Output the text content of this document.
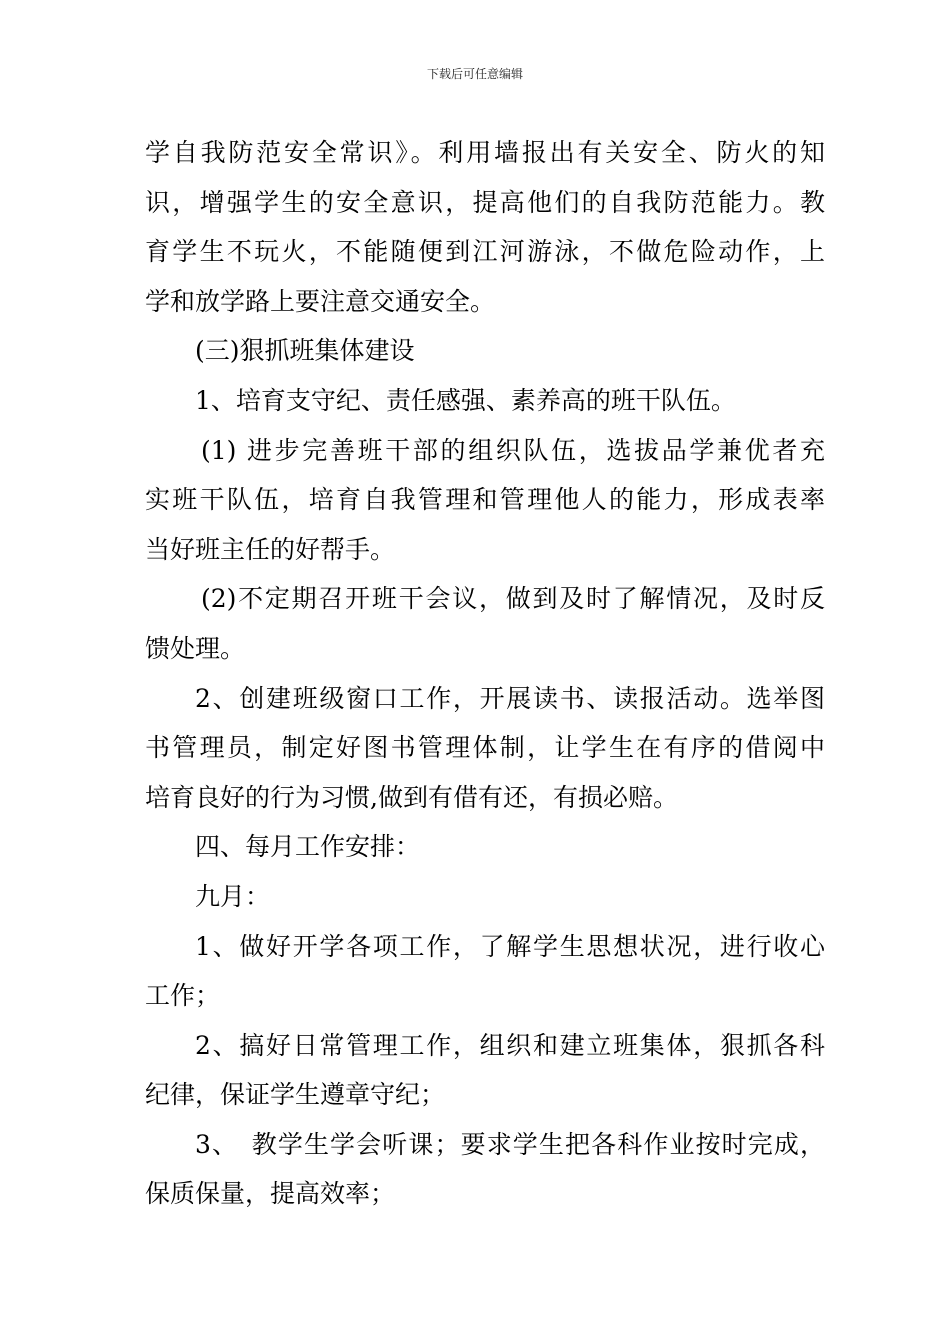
下载后可任意编辑
学自我防范安全常识》。利用墙报出有关安全、防火的知
识，增强学生的安全意识，提高他们的自我防范能力。教
育学生不玩火，不能随便到江河游泳，不做危险动作，上
学和放学路上要注意交通安全。
(三)狠抓班集体建设
1、培育支守纪、责任感强、素养高的班干队伍。
(1) 进步完善班干部的组织队伍，选拔品学兼优者充
实班干队伍，培育自我管理和管理他人的能力，形成表率
当好班主任的好帮手。
(2)不定期召开班干会议，做到及时了解情况，及时反
馈处理。
2、创建班级窗口工作，开展读书、读报活动。选举图
书管理员，制定好图书管理体制，让学生在有序的借阅中
培育良好的行为习惯,做到有借有还，有损必赔。
四、每月工作安排：
九月：
1、做好开学各项工作，了解学生思想状况，进行收心
工作；
2、搞好日常管理工作，组织和建立班集体，狠抓各科
纪律，保证学生遵章守纪；
3、　教学生学会听课；要求学生把各科作业按时完成，
保质保量，提高效率；
